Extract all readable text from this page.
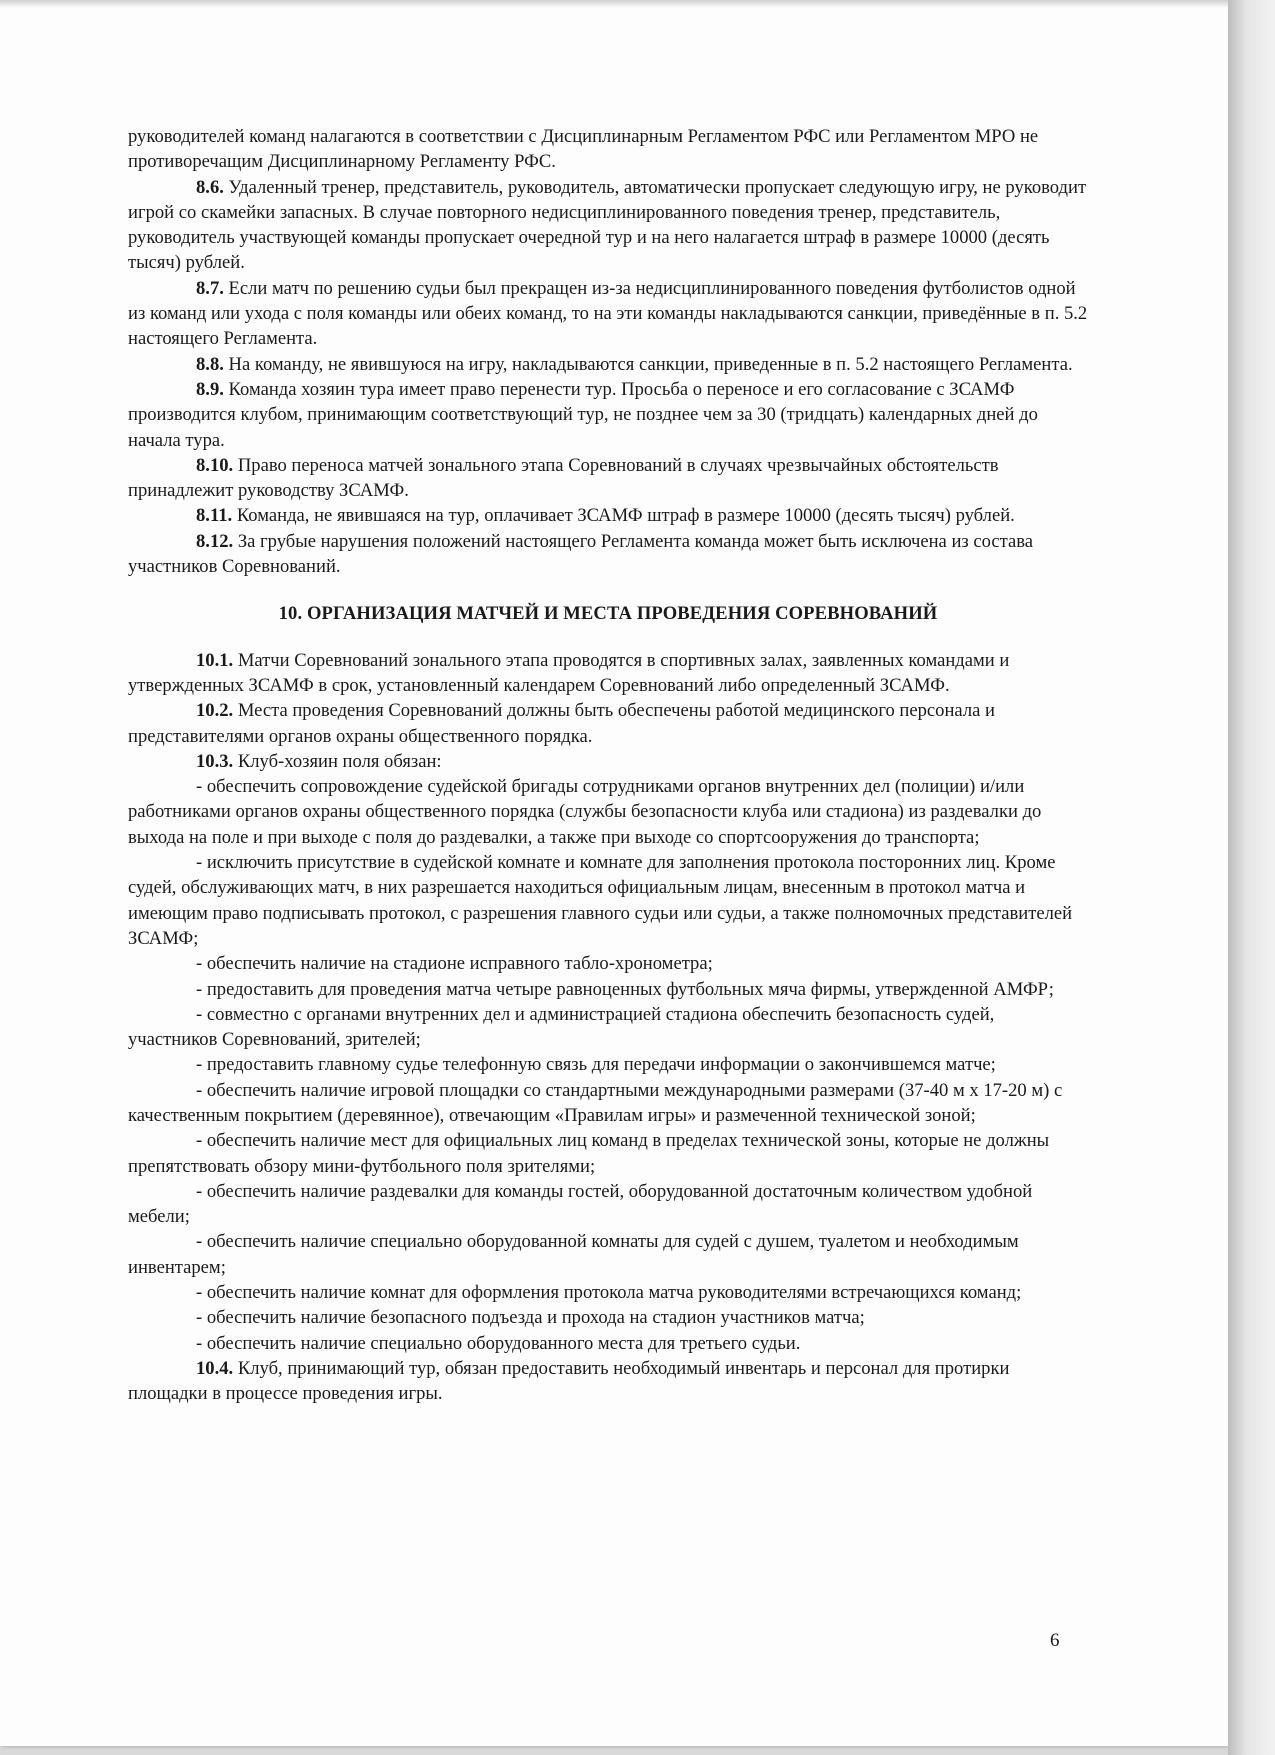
руководителей команд налагаются в соответствии с Дисциплинарным Регламентом РФС или Регламентом МРО не противоречащим Дисциплинарному Регламенту РФС.

8.6. Удаленный тренер, представитель, руководитель, автоматически пропускает следующую игру, не руководит игрой со скамейки запасных. В случае повторного недисциплинированного поведения тренер, представитель, руководитель участвующей команды пропускает очередной тур и на него налагается штраф в размере 10000 (десять тысяч) рублей.

8.7. Если матч по решению судьи был прекращен из-за недисциплинированного поведения футболистов одной из команд или ухода с поля команды или обеих команд, то на эти команды накладываются санкции, приведённые в п. 5.2 настоящего Регламента.

8.8. На команду, не явившуюся на игру, накладываются санкции, приведенные в п. 5.2 настоящего Регламента.

8.9. Команда хозяин тура имеет право перенести тур. Просьба о переносе и его согласование с ЗСАМФ производится клубом, принимающим соответствующий тур, не позднее чем за 30 (тридцать) календарных дней до начала тура.

8.10. Право переноса матчей зонального этапа Соревнований в случаях чрезвычайных обстоятельств принадлежит руководству ЗСАМФ.

8.11. Команда, не явившаяся на тур, оплачивает ЗСАМФ штраф в размере 10000 (десять тысяч) рублей.

8.12. За грубые нарушения положений настоящего Регламента команда может быть исключена из состава участников Соревнований.

10. ОРГАНИЗАЦИЯ МАТЧЕЙ И МЕСТА ПРОВЕДЕНИЯ СОРЕВНОВАНИЙ

10.1. Матчи Соревнований зонального этапа проводятся в спортивных залах, заявленных командами и утвержденных ЗСАМФ в срок, установленный календарем Соревнований либо определенный ЗСАМФ.

10.2. Места проведения Соревнований должны быть обеспечены работой медицинского персонала и представителями органов охраны общественного порядка.

10.3. Клуб-хозяин поля обязан:

- обеспечить сопровождение судейской бригады сотрудниками органов внутренних дел (полиции) и/или работниками органов охраны общественного порядка (службы безопасности клуба или стадиона) из раздевалки до выхода на поле и при выходе с поля до раздевалки, а также при выходе со спортсооружения до транспорта;

- исключить присутствие в судейской комнате и комнате для заполнения протокола посторонних лиц. Кроме судей, обслуживающих матч, в них разрешается находиться официальным лицам, внесенным в протокол матча и имеющим право подписывать протокол, с разрешения главного судьи или судьи, а также полномочных представителей ЗСАМФ;

- обеспечить наличие на стадионе исправного табло-хронометра;

- предоставить для проведения матча четыре равноценных футбольных мяча фирмы, утвержденной АМФР;

- совместно с органами внутренних дел и администрацией стадиона обеспечить безопасность судей, участников Соревнований, зрителей;

- предоставить главному судье телефонную связь для передачи информации о закончившемся матче;

- обеспечить наличие игровой площадки со стандартными международными размерами (37-40 м х 17-20 м) с качественным покрытием (деревянное), отвечающим «Правилам игры» и размеченной технической зоной;

- обеспечить наличие мест для официальных лиц команд в пределах технической зоны, которые не должны препятствовать обзору мини-футбольного поля зрителями;

- обеспечить наличие раздевалки для команды гостей, оборудованной достаточным количеством удобной мебели;

- обеспечить наличие специально оборудованной комнаты для судей с душем, туалетом и необходимым инвентарем;

- обеспечить наличие комнат для оформления протокола матча руководителями встречающихся команд;

- обеспечить наличие безопасного подъезда и прохода на стадион участников матча;

- обеспечить наличие специально оборудованного места для третьего судьи.

10.4. Клуб, принимающий тур, обязан предоставить необходимый инвентарь и персонал для протирки площадки в процессе проведения игры.

6
